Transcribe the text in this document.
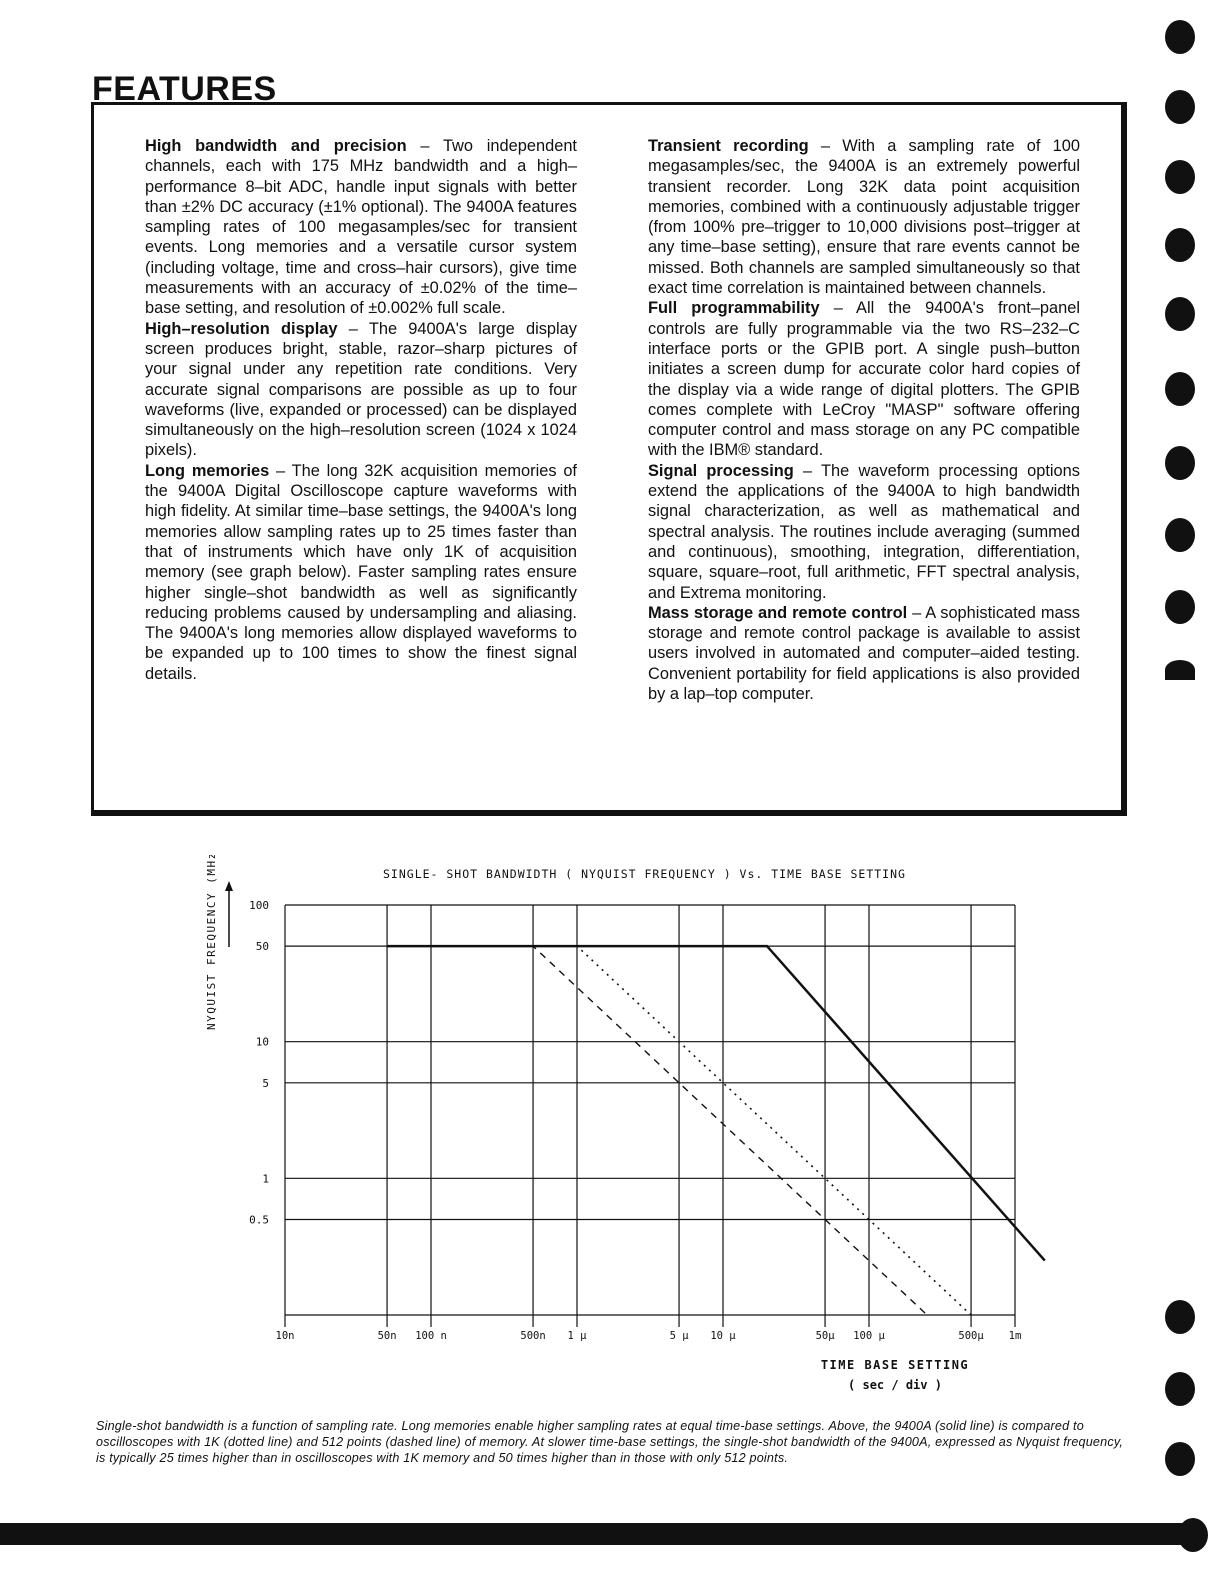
FEATURES

High bandwidth and precision – Two independent channels, each with 175 MHz bandwidth and a high–performance 8–bit ADC, handle input signals with better than ±2% DC accuracy (±1% optional). The 9400A features sampling rates of 100 megasamples/sec for transient events. Long memories and a versatile cursor system (including voltage, time and cross–hair cursors), give time measurements with an accuracy of ±0.02% of the time–base setting, and resolution of ±0.002% full scale.

High–resolution display – The 9400A's large display screen produces bright, stable, razor–sharp pictures of your signal under any repetition rate conditions. Very accurate signal comparisons are possible as up to four waveforms (live, expanded or processed) can be displayed simultaneously on the high–resolution screen (1024 x 1024 pixels).

Long memories – The long 32K acquisition memories of the 9400A Digital Oscilloscope capture waveforms with high fidelity. At similar time–base settings, the 9400A's long memories allow sampling rates up to 25 times faster than that of instruments which have only 1K of acquisition memory (see graph below). Faster sampling rates ensure higher single–shot bandwidth as well as significantly reducing problems caused by undersampling and aliasing. The 9400A's long memories allow displayed waveforms to be expanded up to 100 times to show the finest signal details.

Transient recording – With a sampling rate of 100 megasamples/sec, the 9400A is an extremely powerful transient recorder. Long 32K data point acquisition memories, combined with a continuously adjustable trigger (from 100% pre–trigger to 10,000 divisions post–trigger at any time–base setting), ensure that rare events cannot be missed. Both channels are sampled simultaneously so that exact time correlation is maintained between channels.

Full programmability – All the 9400A's front–panel controls are fully programmable via the two RS–232–C interface ports or the GPIB port. A single push–button initiates a screen dump for accurate color hard copies of the display via a wide range of digital plotters. The GPIB comes complete with LeCroy "MASP" software offering computer control and mass storage on any PC compatible with the IBM® standard.

Signal processing – The waveform processing options extend the applications of the 9400A to high bandwidth signal characterization, as well as mathematical and spectral analysis. The routines include averaging (summed and continuous), smoothing, integration, differentiation, square, square–root, full arithmetic, FFT spectral analysis, and Extrema monitoring.

Mass storage and remote control – A sophisticated mass storage and remote control package is available to assist users involved in automated and computer–aided testing. Convenient portability for field applications is also provided by a lap–top computer.

SINGLE- SHOT BANDWIDTH ( NYQUIST FREQUENCY ) Vs. TIME BASE SETTING
NYQUIST FREQUENCY (MHz)	100
50
10
5
1
0.5
10n	50n 100 n	500n 1 μ	5 μ 10 μ	50μ 100 μ	500μ 1m
TIME BASE SETTING
( sec / div )
Single-shot bandwidth is a function of sampling rate. Long memories enable higher sampling rates at equal time-base settings. Above, the 9400A (solid line) is compared to oscilloscopes with 1K (dotted line) and 512 points (dashed line) of memory. At slower time-base settings, the single-shot bandwidth of the 9400A, expressed as Nyquist frequency, is typically 25 times higher than in oscilloscopes with 1K memory and 50 times higher than in those with only 512 points.
